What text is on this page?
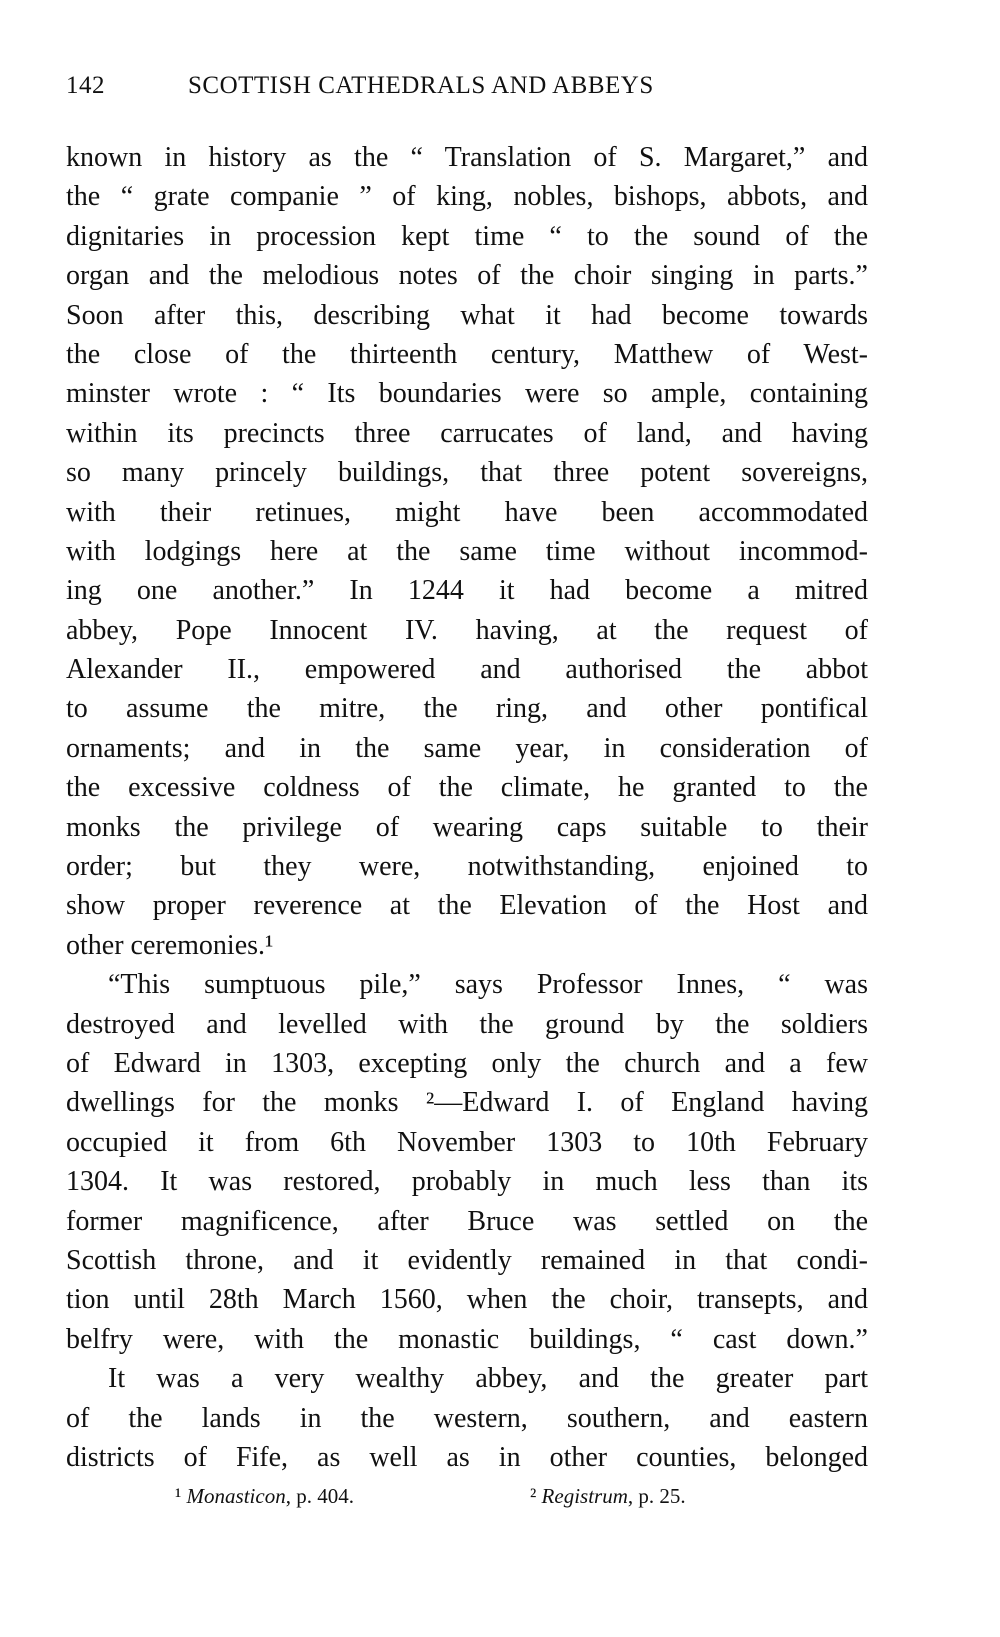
142	SCOTTISH CATHEDRALS AND ABBEYS
known in history as the “ Translation of S. Margaret,” and
the “ grate companie ” of king, nobles, bishops, abbots, and
dignitaries in procession kept time “ to the sound of the
organ and the melodious notes of the choir singing in parts.”
Soon after this, describing what it had become towards
the close of the thirteenth century, Matthew of West-
minster wrote : “ Its boundaries were so ample, containing
within its precincts three carrucates of land, and having
so many princely buildings, that three potent sovereigns,
with their retinues, might have been accommodated
with lodgings here at the same time without incommod-
ing one another.” In 1244 it had become a mitred
abbey, Pope Innocent IV. having, at the request of
Alexander II., empowered and authorised the abbot
to assume the mitre, the ring, and other pontifical
ornaments; and in the same year, in consideration of
the excessive coldness of the climate, he granted to the
monks the privilege of wearing caps suitable to their
order; but they were, notwithstanding, enjoined to
show proper reverence at the Elevation of the Host and
other ceremonies.¹
“This sumptuous pile,” says Professor Innes, “ was
destroyed and levelled with the ground by the soldiers
of Edward in 1303, excepting only the church and a few
dwellings for the monks ²—Edward I. of England having
occupied it from 6th November 1303 to 10th February
1304. It was restored, probably in much less than its
former magnificence, after Bruce was settled on the
Scottish throne, and it evidently remained in that condi-
tion until 28th March 1560, when the choir, transepts, and
belfry were, with the monastic buildings, “ cast down.”
It was a very wealthy abbey, and the greater part
of the lands in the western, southern, and eastern
districts of Fife, as well as in other counties, belonged
¹ Monasticon, p. 404.	² Registrum, p. 25.
